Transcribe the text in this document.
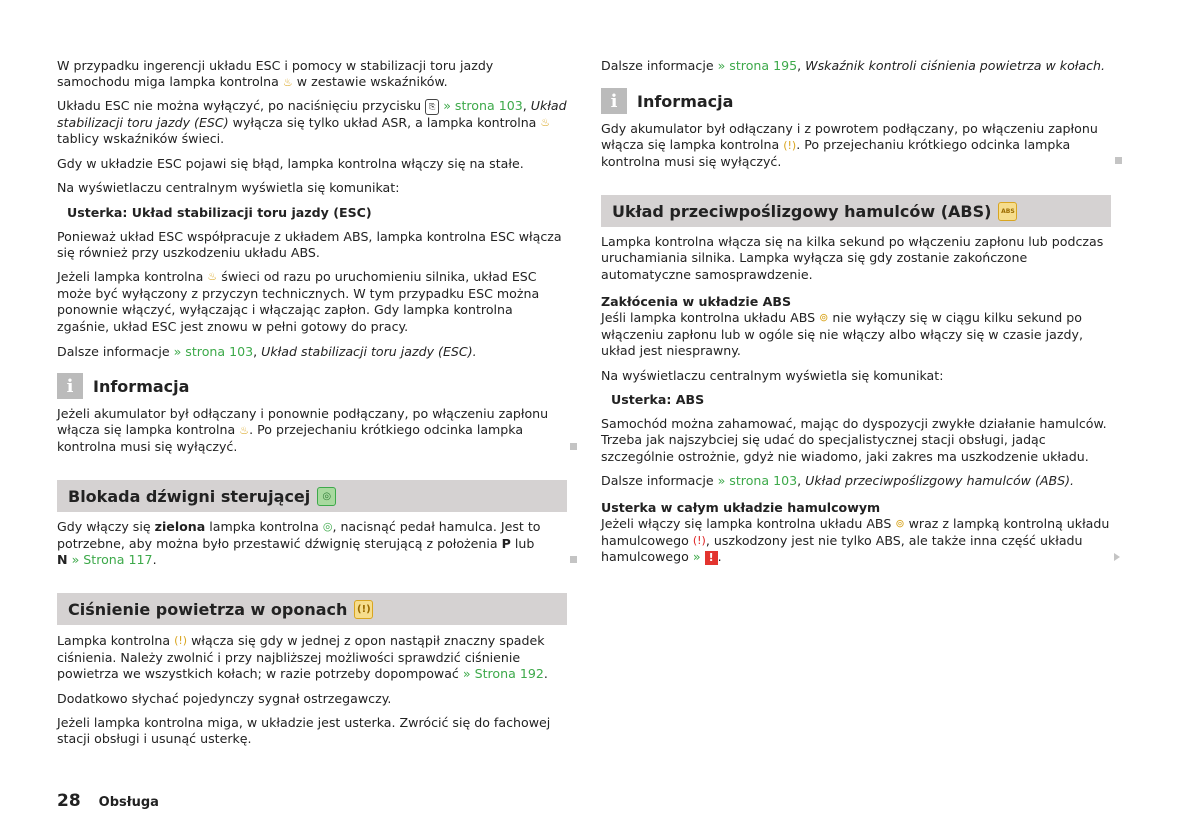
W przypadku ingerencji układu ESC i pomocy w stabilizacji toru jazdy samochodu miga lampka kontrolna ♨ w zestawie wskaźników.

Układu ESC nie można wyłączyć, po naciśnięciu przycisku ⎘ » strona 103, Układ stabilizacji toru jazdy (ESC) wyłącza się tylko układ ASR, a lampka kontrolna ♨ tablicy wskaźników świeci.

Gdy w układzie ESC pojawi się błąd, lampka kontrolna włączy się na stałe.

Na wyświetlaczu centralnym wyświetla się komunikat:

Usterka: Układ stabilizacji toru jazdy (ESC)

Ponieważ układ ESC współpracuje z układem ABS, lampka kontrolna ESC włącza się również przy uszkodzeniu układu ABS.

Jeżeli lampka kontrolna ♨ świeci od razu po uruchomieniu silnika, układ ESC może być wyłączony z przyczyn technicznych. W tym przypadku ESC można ponownie włączyć, wyłączając i włączając zapłon. Gdy lampka kontrolna zgaśnie, układ ESC jest znowu w pełni gotowy do pracy.

Dalsze informacje » strona 103, Układ stabilizacji toru jazdy (ESC).

i	Informacja

Jeżeli akumulator był odłączany i ponownie podłączany, po włączeniu zapłonu włącza się lampka kontrolna ♨. Po przejechaniu krótkiego odcinka lampka kontrolna musi się wyłączyć.

Blokada dźwigni sterującej	◎

Gdy włączy się zielona lampka kontrolna ◎, nacisnąć pedał hamulca. Jest to potrzebne, aby można było przestawić dźwignię sterującą z położenia P lub
N » Strona 117.

Ciśnienie powietrza w oponach (!)

Lampka kontrolna (!) włącza się gdy w jednej z opon nastąpił znaczny spadek ciśnienia. Należy zwolnić i przy najbliższej możliwości sprawdzić ciśnienie powietrza we wszystkich kołach; w razie potrzeby dopompować » Strona 192.

Dodatkowo słychać pojedynczy sygnał ostrzegawczy.

Jeżeli lampka kontrolna miga, w układzie jest usterka. Zwrócić się do fachowej stacji obsługi i usunąć usterkę.

Dalsze informacje » strona 195, Wskaźnik kontroli ciśnienia powietrza w kołach.

i	Informacja

Gdy akumulator był odłączany i z powrotem podłączany, po włączeniu zapłonu włącza się lampka kontrolna (!). Po przejechaniu krótkiego odcinka lampka kontrolna musi się wyłączyć.

Układ przeciwpoślizgowy hamulców (ABS)	ABS

Lampka kontrolna włącza się na kilka sekund po włączeniu zapłonu lub podczas uruchamiania silnika. Lampka wyłącza się gdy zostanie zakończone automatyczne samosprawdzenie.

Zakłócenia w układzie ABS

Jeśli lampka kontrolna układu ABS ⊚ nie wyłączy się w ciągu kilku sekund po włączeniu zapłonu lub w ogóle się nie włączy albo włączy się w czasie jazdy, układ jest niesprawny.

Na wyświetlaczu centralnym wyświetla się komunikat:

Usterka: ABS

Samochód można zahamować, mając do dyspozycji zwykłe działanie hamulców. Trzeba jak najszybciej się udać do specjalistycznej stacji obsługi, jadąc szczególnie ostrożnie, gdyż nie wiadomo, jaki zakres ma uszkodzenie układu.

Dalsze informacje » strona 103, Układ przeciwpoślizgowy hamulców (ABS).

Usterka w całym układzie hamulcowym

Jeżeli włączy się lampka kontrolna układu ABS ⊚ wraz z lampką kontrolną układu hamulcowego (!), uszkodzony jest nie tylko ABS, ale także inna część układu hamulcowego » ! .

28 Obsługa
